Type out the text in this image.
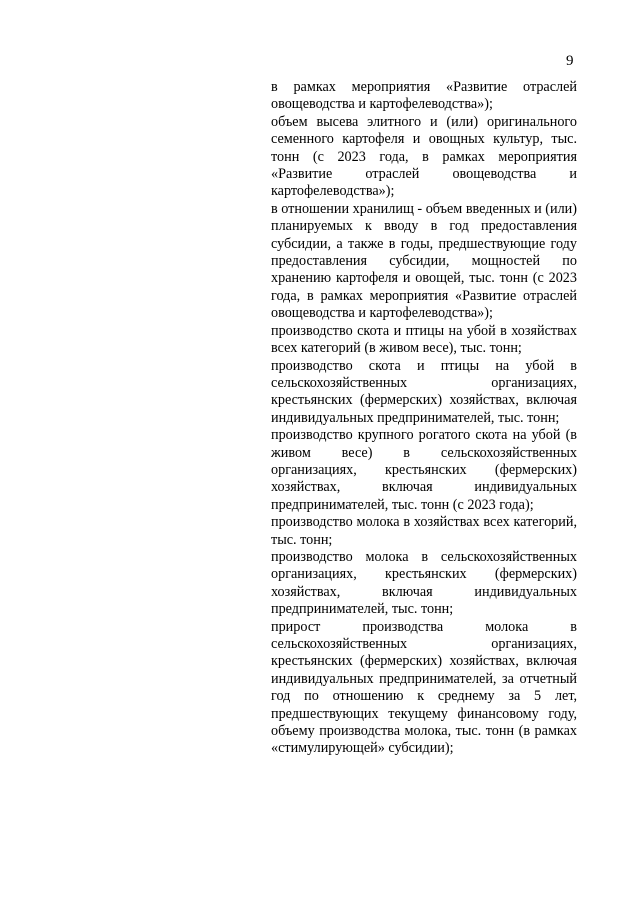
9

в рамках мероприятия «Развитие отраслей овощеводства и картофелеводства»);

объем высева элитного и (или) оригинального семенного картофеля и овощных культур, тыс. тонн (с 2023 года, в рамках мероприятия «Развитие отраслей овощеводства и картофелеводства»);

в отношении хранилищ - объем введенных и (или) планируемых к вводу в год предоставления субсидии, а также в годы, предшествующие году предоставления субсидии, мощностей по хранению картофеля и овощей, тыс. тонн (с 2023 года, в рамках мероприятия «Развитие отраслей овощеводства и картофелеводства»);

производство скота и птицы на убой в хозяйствах всех категорий (в живом весе), тыс. тонн;

производство скота и птицы на убой в сельскохозяйственных организациях, крестьянских (фермерских) хозяйствах, включая индивидуальных предпринимателей, тыс. тонн;

производство крупного рогатого скота на убой (в живом весе) в сельскохозяйственных организациях, крестьянских (фермерских) хозяйствах, включая индивидуальных предпринимателей, тыс. тонн (с 2023 года);

производство молока в хозяйствах всех категорий, тыс. тонн;

производство молока в сельскохозяйственных организациях, крестьянских (фермерских) хозяйствах, включая индивидуальных предпринимателей, тыс. тонн;

прирост производства молока в сельскохозяйственных организациях, крестьянских (фермерских) хозяйствах, включая индивидуальных предпринимателей, за отчетный год по отношению к среднему за 5 лет, предшествующих текущему финансовому году, объему производства молока, тыс. тонн (в рамках «стимулирующей» субсидии);
